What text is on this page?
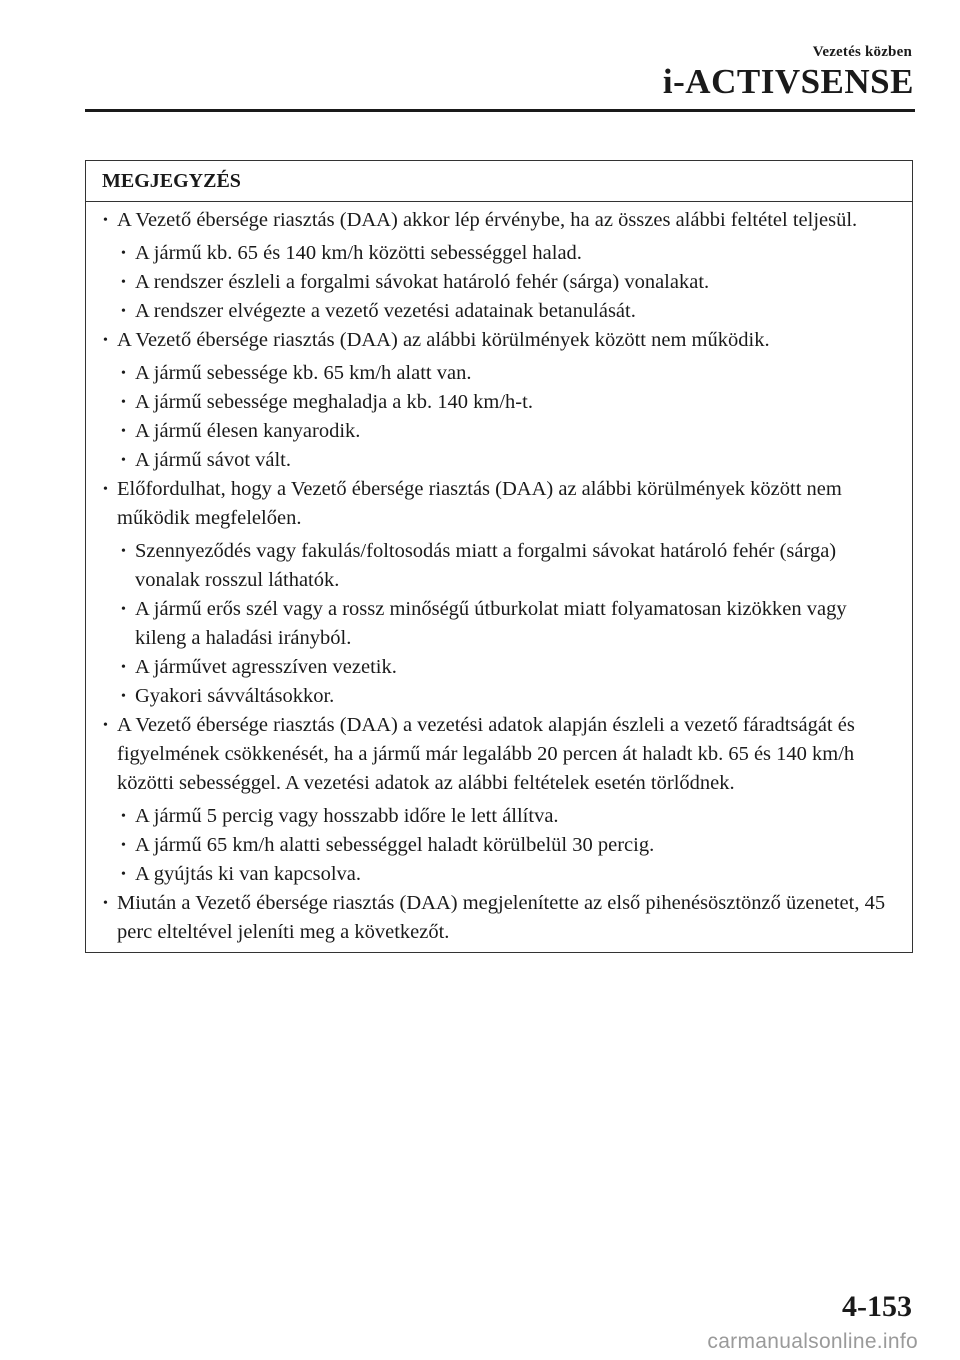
Vezetés közben
i-ACTIVSENSE
MEGJEGYZÉS
• A Vezető ébersége riasztás (DAA) akkor lép érvénybe, ha az összes alábbi feltétel teljesül.
• A jármű kb. 65 és 140 km/h közötti sebességgel halad.
• A rendszer észleli a forgalmi sávokat határoló fehér (sárga) vonalakat.
• A rendszer elvégezte a vezető vezetési adatainak betanulását.
• A Vezető ébersége riasztás (DAA) az alábbi körülmények között nem működik.
• A jármű sebessége kb. 65 km/h alatt van.
• A jármű sebessége meghaladja a kb. 140 km/h-t.
• A jármű élesen kanyarodik.
• A jármű sávot vált.
• Előfordulhat, hogy a Vezető ébersége riasztás (DAA) az alábbi körülmények között nem működik megfelelően.
• Szennyeződés vagy fakulás/foltosodás miatt a forgalmi sávokat határoló fehér (sárga) vonalak rosszul láthatók.
• A jármű erős szél vagy a rossz minőségű útburkolat miatt folyamatosan kizökken vagy kileng a haladási irányból.
• A járművet agresszíven vezetik.
• Gyakori sávváltásokkor.
• A Vezető ébersége riasztás (DAA) a vezetési adatok alapján észleli a vezető fáradtságát és figyelmének csökkenését, ha a jármű már legalább 20 percen át haladt kb. 65 és 140 km/h közötti sebességgel. A vezetési adatok az alábbi feltételek esetén törlődnek.
• A jármű 5 percig vagy hosszabb időre le lett állítva.
• A jármű 65 km/h alatti sebességgel haladt körülbelül 30 percig.
• A gyújtás ki van kapcsolva.
• Miután a Vezető ébersége riasztás (DAA) megjelenítette az első pihenésösztönző üzenetet, 45 perc elteltével jeleníti meg a következőt.
4-153
carmanualsonline.info
